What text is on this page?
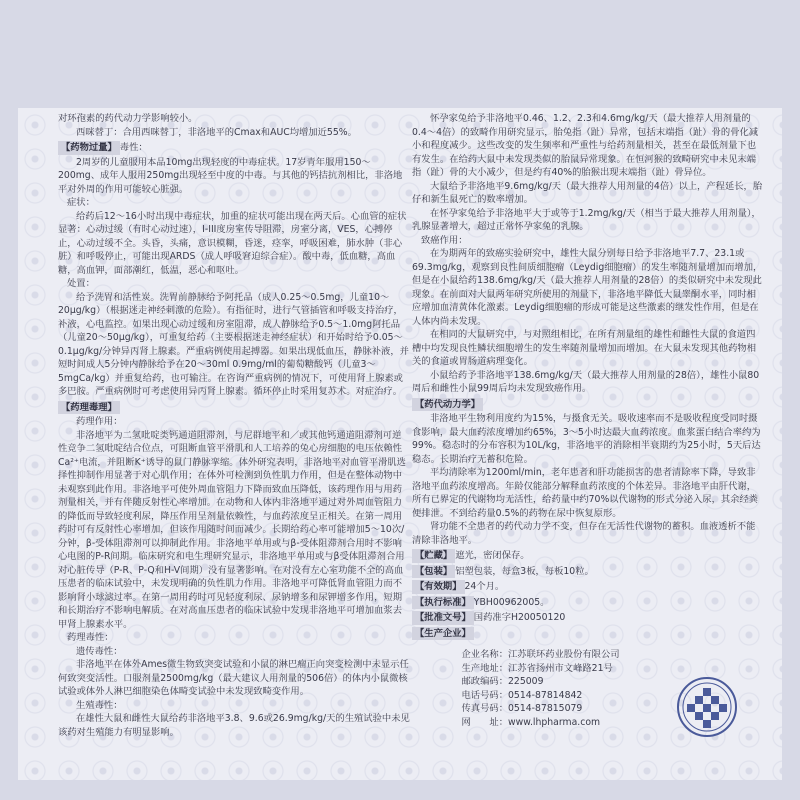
对环孢素的药代动力学影响较小。

西咪替丁：合用西咪替丁，非洛地平的Cmax和AUC均增加近55%。

【药物过量】 毒性：

2周岁的儿童服用本品10mg出现轻度的中毒症状。17岁青年服用150～200mg、成年人服用250mg出现轻至中度的中毒。与其他的钙拮抗剂相比，非洛地平对外周的作用可能较心脏强。

症状：

给药后12～16小时出现中毒症状，加重的症状可能出现在两天后。心血管的症状显著：心动过缓（有时心动过速），I-III度房室传导阻滞，房室分离，VES，心搏停止，心动过缓不全。头昏，头痛，意识模糊，昏迷，痉挛，呼吸困难，肺水肿（非心脏）和呼吸停止，可能出现ARDS（成人呼吸窘迫综合症）。酸中毒，低血糖，高血糖，高血钾，面部潮红，低温，恶心和呕吐。

处置：

给予洗胃和活性炭。洗胃前静脉给予阿托品（成人0.25～0.5mg，儿童10～20μg/kg）（根据迷走神经刺激的危险）。有指征时，进行气管插管和呼吸支持治疗，补液，心电监控。如果出现心动过缓和房室阻滞，成人静脉给予0.5～1.0mg阿托品（儿童20～50μg/kg），可重复给药（主要根据迷走神经症状）和开始时给予0.05～0.1μg/kg/分钟异丙肾上腺素。严重病例使用起搏器。如果出现低血压，静脉补液，并短时间成人5分钟内静脉给予在20～30ml 0.9mg/ml的葡萄糖酸钙（儿童3～5mgCa/kg）并重复给药，也可输注。在咨询严重病例的情况下，可使用肾上腺素或多巴胺。严重病例时可考虑使用异丙肾上腺素。循环停止时采用复苏术。对症治疗。

【药理毒理】

药理作用：

非洛地平为二氢吡啶类钙通道阻滞剂，与尼群地平和／或其他钙通道阻滞剂可逆性竞争二氢吡啶结合位点，可阻断血管平滑肌和人工培养的兔心房细胞的电压依赖性Ca²⁺电流，并阻断K⁺诱导的鼠门静脉挛缩。体外研究表明，非洛地平对血管平滑肌选择性抑制作用显著于对心肌作用；在体外可检测到负性肌力作用，但是在整体动物中未观察到此作用。非洛地平可使外周血管阻力下降而致血压降低，该药理作用与用药剂量相关，并有伴随反射性心率增加。在动物和人体内非洛地平通过对外周血管阻力的降低而导致轻度利尿，降压作用呈剂量依赖性，与血药浓度呈正相关。在第一周用药时可有反射性心率增加，但该作用随时间而减少。长期给药心率可能增加5～10次/分钟，β-受体阻滞剂可以抑制此作用。非洛地平单用或与β-受体阻滞剂合用时不影响心电图的P-R间期。临床研究和电生理研究显示，非洛地平单用或与β受体阻滞剂合用对心脏传导（P-R、P-Q和H-V间期）没有显著影响。在对没有左心室功能不全的高血压患者的临床试验中，未发现明确的负性肌力作用。非洛地平可降低肾血管阻力而不影响肾小球滤过率。在第一周用药时可见轻度利尿、尿钠增多和尿钾增多作用，短期和长期治疗不影响电解质。在对高血压患者的临床试验中发现非洛地平可增加血浆去甲肾上腺素水平。

药理毒性：

遗传毒性：

非洛地平在体外Ames微生物致突变试验和小鼠的淋巴瘤正向突变检测中未显示任何致突变活性。口服剂量2500mg/kg（最大建议人用剂量的506倍）的体内小鼠微核试验或体外人淋巴细胞染色体畸变试验中未发现致畸变作用。

生殖毒性：

在雄性大鼠和雌性大鼠给药非洛地平3.8、9.6或26.9mg/kg/天的生殖试验中未见该药对生殖能力有明显影响。

怀孕家兔给予非洛地平0.46、1.2、2.3和4.6mg/kg/天（最大推荐人用剂量的0.4～4倍）的致畸作用研究显示，胎兔指（趾）异常，包括末端指（趾）骨的骨化减小和程度减少。这些改变的发生频率和严重性与给药剂量相关，甚至在最低剂量下也有发生。在给药大鼠中未发现类似的胎鼠异常现象。在恒河猴的致畸研究中未见末端指（趾）骨的大小减少，但是约有40%的胎猴出现末端指（趾）骨异位。

大鼠给予非洛地平9.6mg/kg/天（最大推荐人用剂量的4倍）以上，产程延长，胎仔和新生鼠死亡的数率增加。

在怀孕家兔给予非洛地平大于或等于1.2mg/kg/天（相当于最大推荐人用剂量），乳腺显著增大，超过正常怀孕家兔的乳腺。

致癌作用：

在为期两年的致癌实验研究中，雄性大鼠分别每日给予非洛地平7.7、23.1或69.3mg/kg，观察到良性间质细胞瘤（Leydig细胞瘤）的发生率随剂量增加而增加，但是在小鼠给药138.6mg/kg/天（最大推荐人用剂量的28倍）的类似研究中未发现此现象。在前面对大鼠两年研究所使用的剂量下，非洛地平降低大鼠睾酮水平，同时相应增加血清黄体化激素。Leydig细胞瘤的形成可能是这些激素的继发性作用，但是在人体内尚未发现。

在相同的大鼠研究中，与对照组相比，在所有剂量组的雄性和雌性大鼠的食道四槽中均发现良性鳞状细胞增生的发生率随剂量增加而增加。在大鼠未发现其他药物相关的食道或胃肠道病理变化。

小鼠给药予非洛地平138.6mg/kg/天（最大推荐人用剂量的28倍），雄性小鼠80周后和雌性小鼠99周后均未发现致癌作用。

【药代动力学】

非洛地平生物利用度约为15%，与摄食无关。吸收速率而不是吸收程度受同时摄食影响，最大血药浓度增加约65%，3～5小时达最大血药浓度。血浆蛋白结合率约为99%。稳态时的分布容积为10L/kg，非洛地平的消除相半衰期约为25小时，5天后达稳态。长期治疗无蓄积危险。

平均清除率为1200ml/min，老年患者和肝功能损害的患者清除率下降，导致非洛地平血药浓度增高。年龄仅能部分解释血药浓度的个体差异。非洛地平由肝代谢，所有已界定的代谢物均无活性，给药量中约70%以代谢物的形式分泌入尿，其余经粪便排泄。不到给药量0.5%的药物在尿中恢复原形。

肾功能不全患者的药代动力学不变，但存在无活性代谢物的蓄积。血液透析不能清除非洛地平。

【贮藏】 遮光，密闭保存。

【包装】 铝塑包装，每盒3板，每板10粒。

【有效期】 24个月。

【执行标准】 YBH00962005。

【批准文号】 国药准字H20050120

【生产企业】

企业名称： 江苏联环药业股份有限公司
生产地址： 江苏省扬州市文峰路21号
邮政编码： 225009
电话号码： 0514-87814842
传真号码： 0514-87815079
网　　址： www.lhpharma.com
